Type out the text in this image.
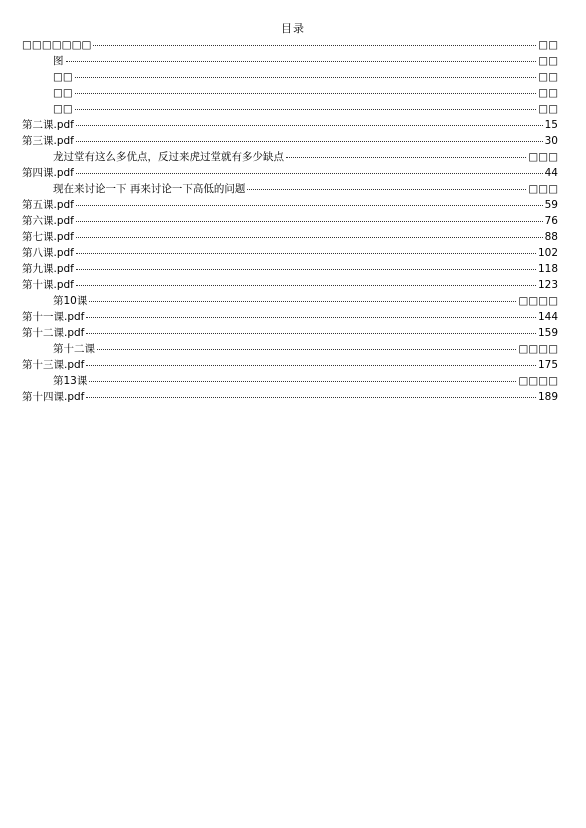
目录
□□□□□□□	□□
图	□□
□□	□□
□□	□□
□□	□□
第二课.pdf	15
第三课.pdf	30
龙过堂有这么多优点，反过来虎过堂就有多少缺点	□□□
第四课.pdf	44
现在来讨论一下 再来讨论一下高低的问题	□□□
第五课.pdf	59
第六课.pdf	76
第七课.pdf	88
第八课.pdf	102
第九课.pdf	118
第十课.pdf	123
第10课	□□□□
第十一课.pdf	144
第十二课.pdf	159
第十二课	□□□□
第十三课.pdf	175
第13课	□□□□
第十四课.pdf	189
